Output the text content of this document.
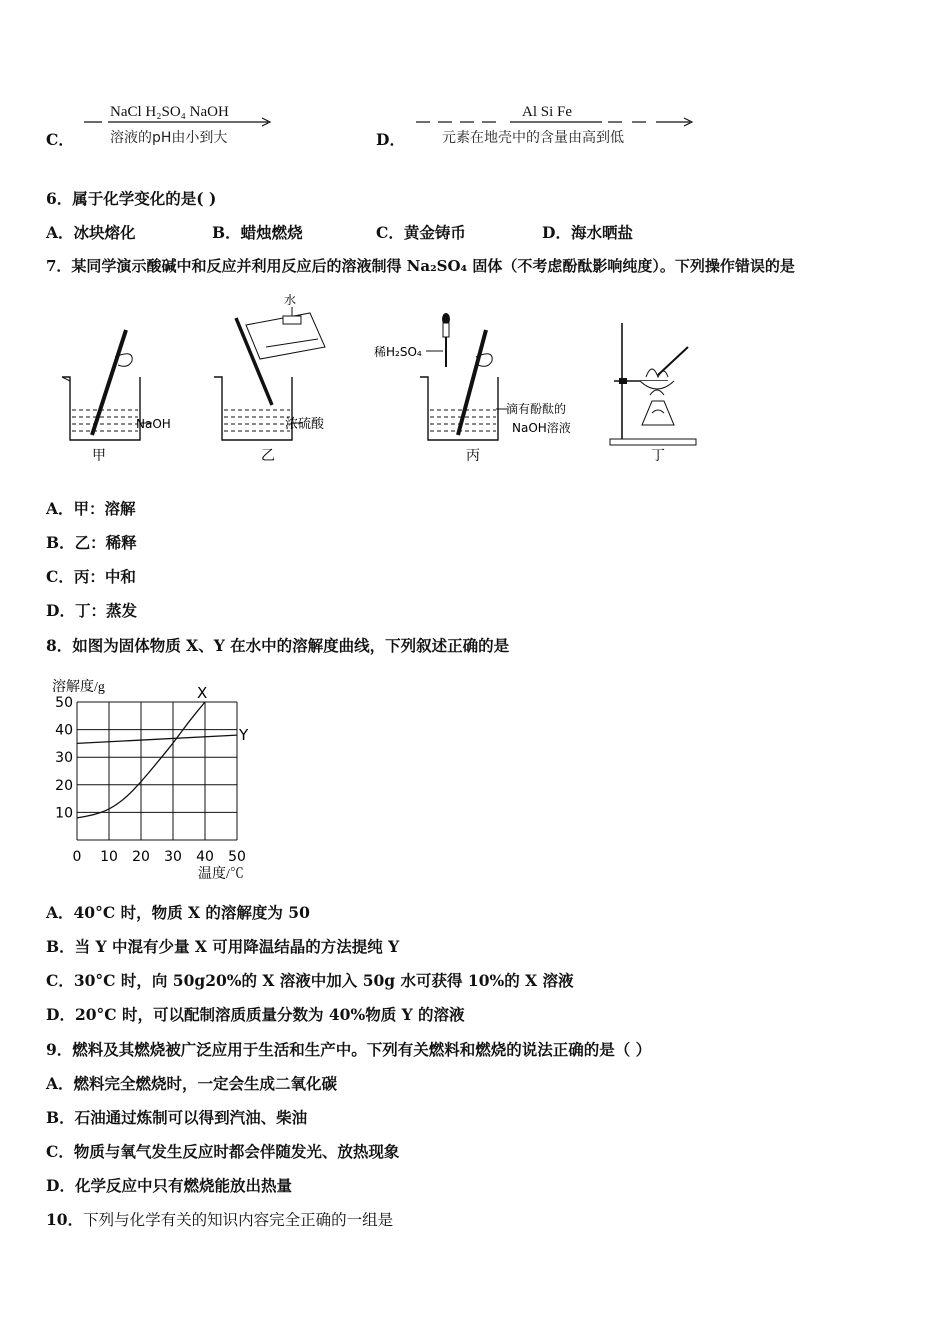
C．
NaCl H₂SO₄ NaOH
溶液的pH由小到大	D．
Al Si Fe
元素在地壳中的含量由高到低
6．属于化学变化的是( )
A．冰块熔化	B．蜡烛燃烧	C．黄金铸币	D．海水晒盐
7．某同学演示酸碱中和反应并利用反应后的溶液制得 Na₂SO₄ 固体（不考虑酚酞影响纯度）。下列操作错误的是
NaOH
甲
水
浓硫酸
乙
稀H₂SO₄
滴有酚酞的
NaOH溶液
丙	丁
A．甲：溶解
B．乙：稀释
C．丙：中和
D．丁：蒸发
8．如图为固体物质 X、Y 在水中的溶解度曲线，下列叙述正确的是
溶解度/g
温度/℃
0 10 20 30 40 50
10
20
30
40
50
X
Y
A．40°C 时，物质 X 的溶解度为 50
B．当 Y 中混有少量 X 可用降温结晶的方法提纯 Y
C．30°C 时，向 50g20%的 X 溶液中加入 50g 水可获得 10%的 X 溶液
D．20°C 时，可以配制溶质质量分数为 40%物质 Y 的溶液
9．燃料及其燃烧被广泛应用于生活和生产中。下列有关燃料和燃烧的说法正确的是（ ）
A．燃料完全燃烧时，一定会生成二氧化碳
B．石油通过炼制可以得到汽油、柴油
C．物质与氧气发生反应时都会伴随发光、放热现象
D．化学反应中只有燃烧能放出热量
10．下列与化学有关的知识内容完全正确的一组是
